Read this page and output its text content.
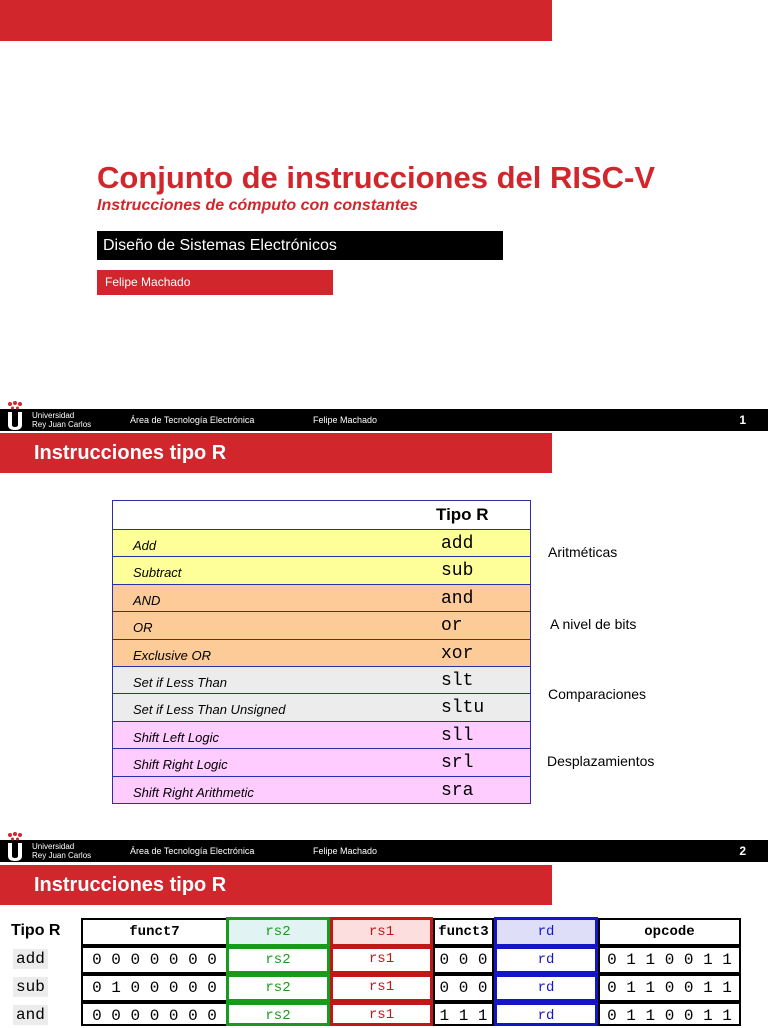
Conjunto de instrucciones del RISC-V
Instrucciones de cómputo con constantes
Diseño de Sistemas Electrónicos
Felipe Machado
Universidad
Rey Juan Carlos	Área de Tecnología Electrónica	Felipe Machado	1
Instrucciones tipo R
Tipo R
Add	add
Subtract	sub
AND	and
OR	or
Exclusive OR	xor
Set if Less Than	slt
Set if Less Than Unsigned	sltu
Shift Left Logic	sll
Shift Right Logic	srl
Shift Right Arithmetic	sra
Aritméticas
A nivel de bits
Comparaciones
Desplazamientos
Universidad
Rey Juan Carlos	Área de Tecnología Electrónica	Felipe Machado	2
Instrucciones tipo R
Tipo R	funct7	rs2	rs1	funct3	rd	opcode
add	0 0 0 0 0 0 0	rs2	rs1	0 0 0	rd	0 1 1 0 0 1 1
sub	0 1 0 0 0 0 0	rs2	rs1	0 0 0	rd	0 1 1 0 0 1 1
and	0 0 0 0 0 0 0	rs2	rs1	1 1 1	rd	0 1 1 0 0 1 1
